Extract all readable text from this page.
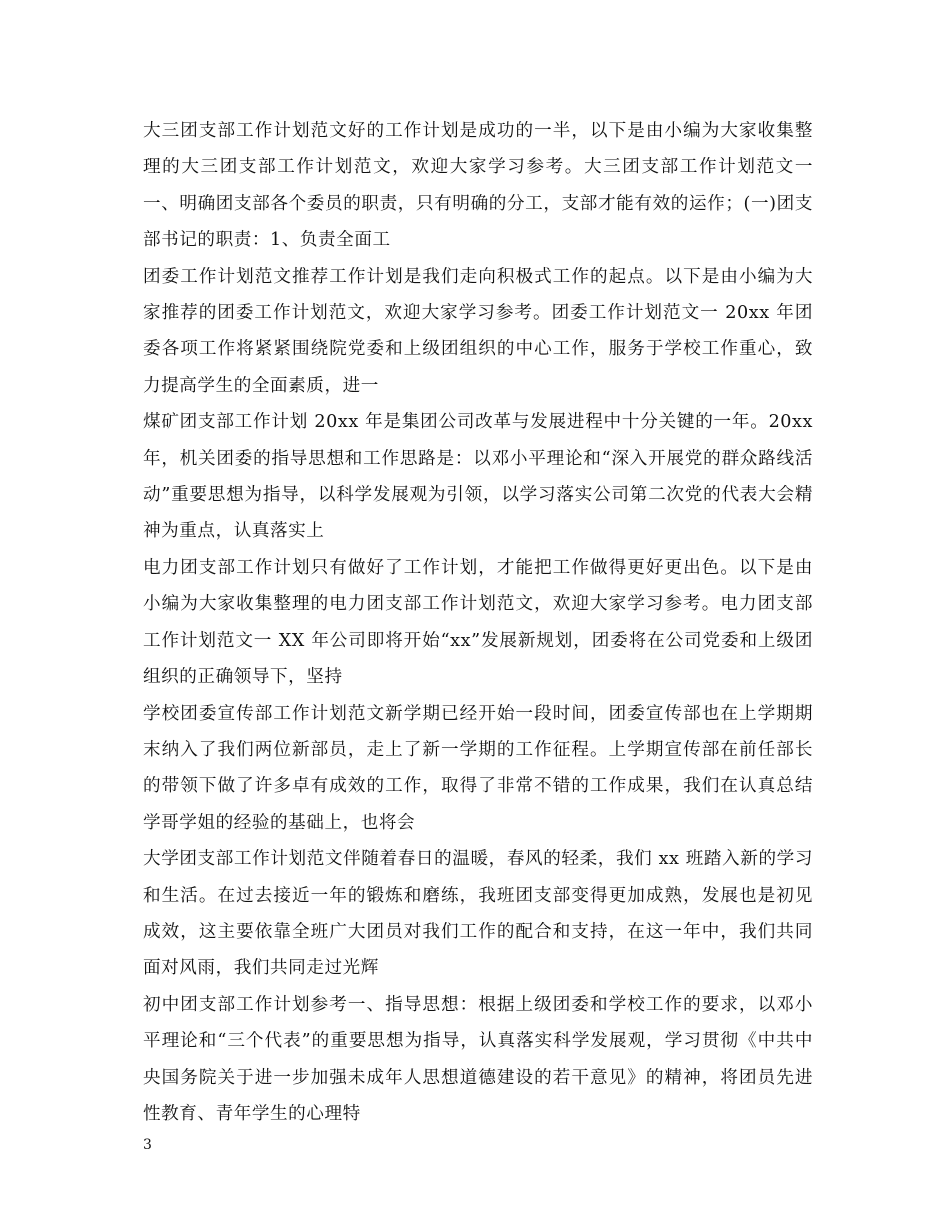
大三团支部工作计划范文好的工作计划是成功的一半，以下是由小编为大家收集整理的大三团支部工作计划范文，欢迎大家学习参考。大三团支部工作计划范文一一、明确团支部各个委员的职责，只有明确的分工，支部才能有效的运作；(一)团支部书记的职责：1、负责全面工

团委工作计划范文推荐工作计划是我们走向积极式工作的起点。以下是由小编为大家推荐的团委工作计划范文，欢迎大家学习参考。团委工作计划范文一 20xx 年团委各项工作将紧紧围绕院党委和上级团组织的中心工作，服务于学校工作重心，致力提高学生的全面素质，进一

煤矿团支部工作计划 20xx 年是集团公司改革与发展进程中十分关键的一年。20xx 年，机关团委的指导思想和工作思路是：以邓小平理论和“深入开展党的群众路线活 动”重要思想为指导，以科学发展观为引领，以学习落实公司第二次党的代表大会精神为重点，认真落实上

电力团支部工作计划只有做好了工作计划，才能把工作做得更好更出色。以下是由小编为大家收集整理的电力团支部工作计划范文，欢迎大家学习参考。电力团支部工作计划范文一 XX 年公司即将开始“xx”发展新规划，团委将在公司党委和上级团组织的正确领导下，坚持

学校团委宣传部工作计划范文新学期已经开始一段时间，团委宣传部也在上学期期末纳入了我们两位新部员，走上了新一学期的工作征程。上学期宣传部在前任部长的带领下做了许多卓有成效的工作，取得了非常不错的工作成果，我们在认真总结学哥学姐的经验的基础上，也将会

大学团支部工作计划范文伴随着春日的温暖，春风的轻柔，我们 xx 班踏入新的学习和生活。在过去接近一年的锻炼和磨练，我班团支部变得更加成熟，发展也是初见成效，这主要依靠全班广大团员对我们工作的配合和支持，在这一年中，我们共同面对风雨，我们共同走过光辉

初中团支部工作计划参考一、指导思想：根据上级团委和学校工作的要求，以邓小平理论和“三个代表”的重要思想为指导，认真落实科学发展观，学习贯彻《中共中央国务院关于进一步加强未成年人思想道德建设的若干意见》的精神，将团员先进性教育、青年学生的心理特

3
